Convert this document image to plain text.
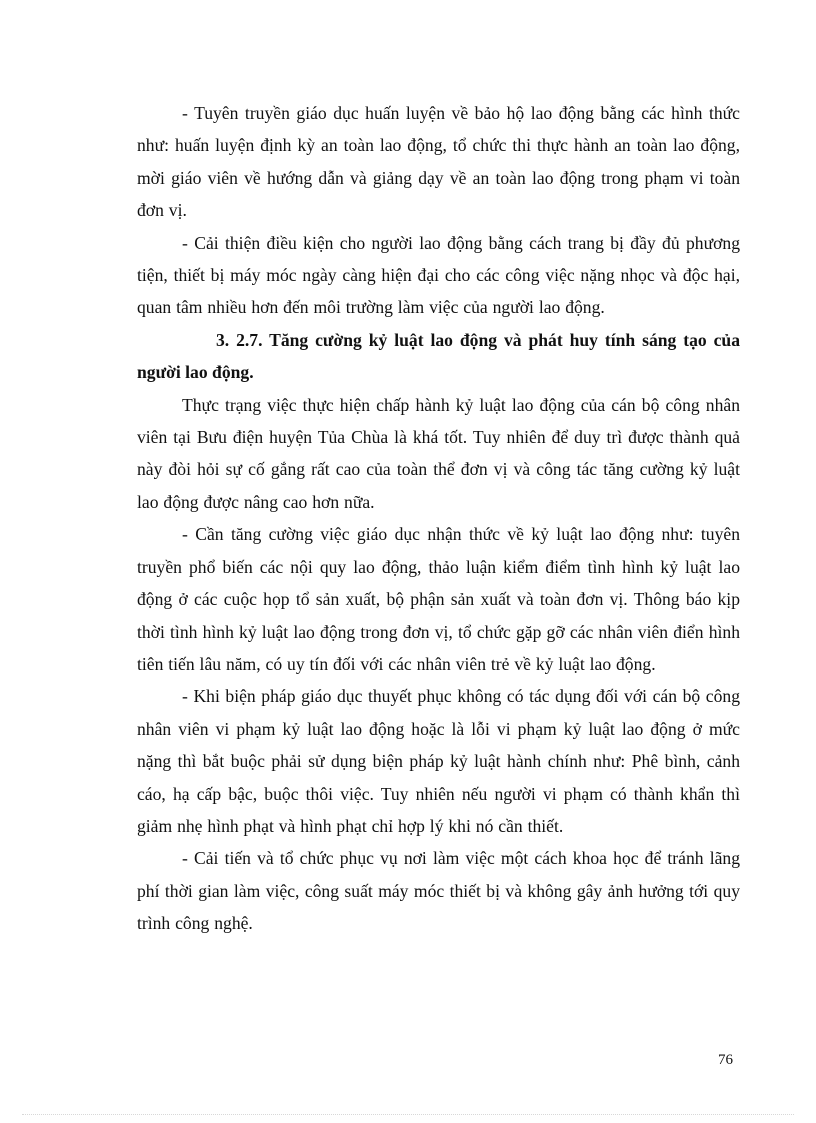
- Tuyên truyền giáo dục huấn luyện về bảo hộ lao động bằng các hình thức như: huấn luyện định kỳ an toàn lao động, tổ chức thi thực hành an toàn lao động, mời giáo viên về hướng dẫn và giảng dạy về an toàn lao động trong phạm vi toàn đơn vị.

- Cải thiện điều kiện cho người lao động bằng cách trang bị đầy đủ phương tiện, thiết bị máy móc ngày càng hiện đại cho các công việc nặng nhọc và độc hại, quan tâm nhiều hơn đến môi trường làm việc của người lao động.

3. 2.7. Tăng cường kỷ luật lao động và phát huy tính sáng tạo của người lao động.

Thực trạng việc thực hiện chấp hành kỷ luật lao động của cán bộ công nhân viên tại Bưu điện huyện Tủa Chùa là khá tốt. Tuy nhiên để duy trì được thành quả này đòi hỏi sự cố gắng rất cao của toàn thể đơn vị và công tác tăng cường kỷ luật lao động được nâng cao hơn nữa.

- Cần tăng cường việc giáo dục nhận thức về kỷ luật lao động như: tuyên truyền phổ biến các nội quy lao động, thảo luận kiểm điểm tình hình kỷ luật lao động ở các cuộc họp tổ sản xuất, bộ phận sản xuất và toàn đơn vị. Thông báo kịp thời tình hình kỷ luật lao động trong đơn vị, tổ chức gặp gỡ các nhân viên điển hình tiên tiến lâu năm, có uy tín đối với các nhân viên trẻ về kỷ luật lao động.

- Khi biện pháp giáo dục thuyết phục không có tác dụng đối với cán bộ công nhân viên vi phạm kỷ luật lao động hoặc là lỗi vi phạm kỷ luật lao động ở mức nặng thì bắt buộc phải sử dụng biện pháp kỷ luật hành chính như: Phê bình, cảnh cáo, hạ cấp bậc, buộc thôi việc. Tuy nhiên nếu người vi phạm có thành khẩn thì giảm nhẹ hình phạt và hình phạt chỉ hợp lý khi nó cần thiết.

- Cải tiến và tổ chức phục vụ nơi làm việc một cách khoa học để tránh lãng phí thời gian làm việc, công suất máy móc thiết bị và không gây ảnh hưởng tới quy trình công nghệ.

76
